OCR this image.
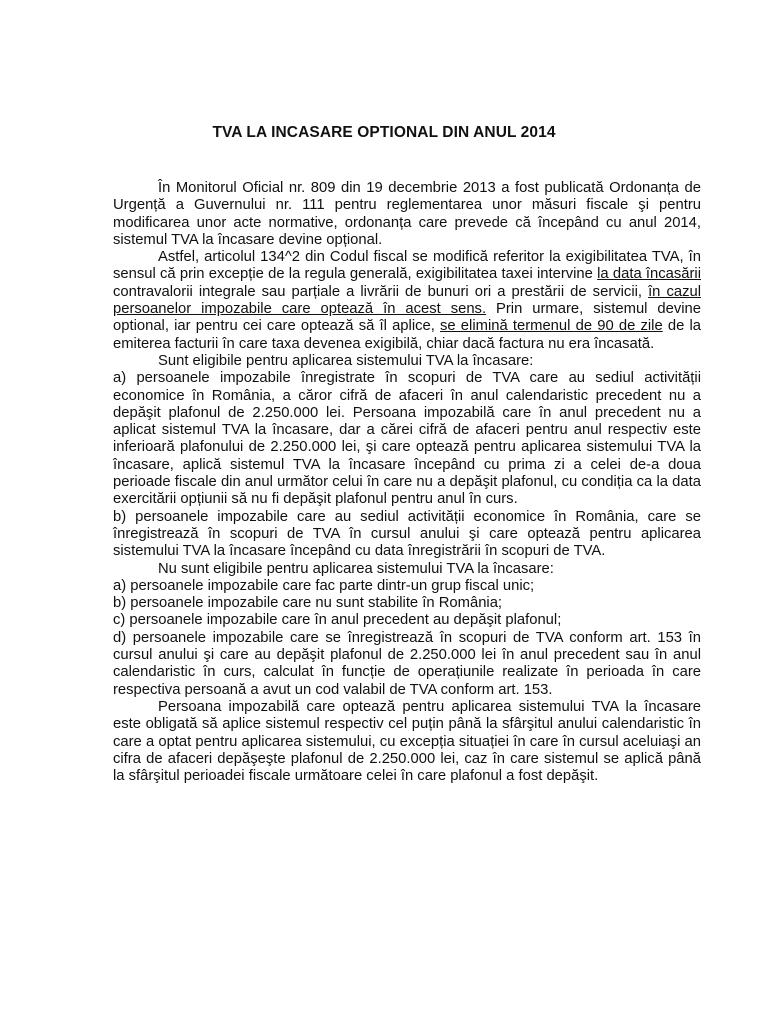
TVA LA INCASARE OPTIONAL DIN ANUL 2014

În Monitorul Oficial nr. 809 din 19 decembrie 2013 a fost publicată Ordonanța de Urgență a Guvernului nr. 111 pentru reglementarea unor măsuri fiscale şi pentru modificarea unor acte normative, ordonanța care prevede că începând cu anul 2014, sistemul TVA la încasare devine opțional.

Astfel, articolul 134^2 din Codul fiscal se modifică referitor la exigibilitatea TVA, în sensul că prin excepție de la regula generală, exigibilitatea taxei intervine la data încasării contravalorii integrale sau parțiale a livrării de bunuri ori a prestării de servicii, în cazul persoanelor impozabile care optează în acest sens. Prin urmare, sistemul devine optional, iar pentru cei care optează să îl aplice, se elimină termenul de 90 de zile de la emiterea facturii în care taxa devenea exigibilă, chiar dacă factura nu era încasată.

Sunt eligibile pentru aplicarea sistemului TVA la încasare:

a) persoanele impozabile înregistrate în scopuri de TVA care au sediul activității economice în România, a căror cifră de afaceri în anul calendaristic precedent nu a depăşit plafonul de 2.250.000 lei. Persoana impozabilă care în anul precedent nu a aplicat sistemul TVA la încasare, dar a cărei cifră de afaceri pentru anul respectiv este inferioară plafonului de 2.250.000 lei, şi care optează pentru aplicarea sistemului TVA la încasare, aplică sistemul TVA la încasare începând cu prima zi a celei de-a doua perioade fiscale din anul următor celui în care nu a depăşit plafonul, cu condiția ca la data exercitării opțiunii să nu fi depăşit plafonul pentru anul în curs.

b) persoanele impozabile care au sediul activității economice în România, care se înregistrează în scopuri de TVA în cursul anului şi care optează pentru aplicarea sistemului TVA la încasare începând cu data înregistrării în scopuri de TVA.

Nu sunt eligibile pentru aplicarea sistemului TVA la încasare:

a) persoanele impozabile care fac parte dintr-un grup fiscal unic;

b) persoanele impozabile care nu sunt stabilite în România;

c) persoanele impozabile care în anul precedent au depăşit plafonul;

d) persoanele impozabile care se înregistrează în scopuri de TVA conform art. 153 în cursul anului şi care au depăşit plafonul de 2.250.000 lei în anul precedent sau în anul calendaristic în curs, calculat în funcție de operațiunile realizate în perioada în care respectiva persoană a avut un cod valabil de TVA conform art. 153.

Persoana impozabilă care optează pentru aplicarea sistemului TVA la încasare este obligată să aplice sistemul respectiv cel puțin până la sfârşitul anului calendaristic în care a optat pentru aplicarea sistemului, cu excepția situației în care în cursul aceluiaşi an cifra de afaceri depăşeşte plafonul de 2.250.000 lei, caz în care sistemul se aplică până la sfârşitul perioadei fiscale următoare celei în care plafonul a fost depăşit.
